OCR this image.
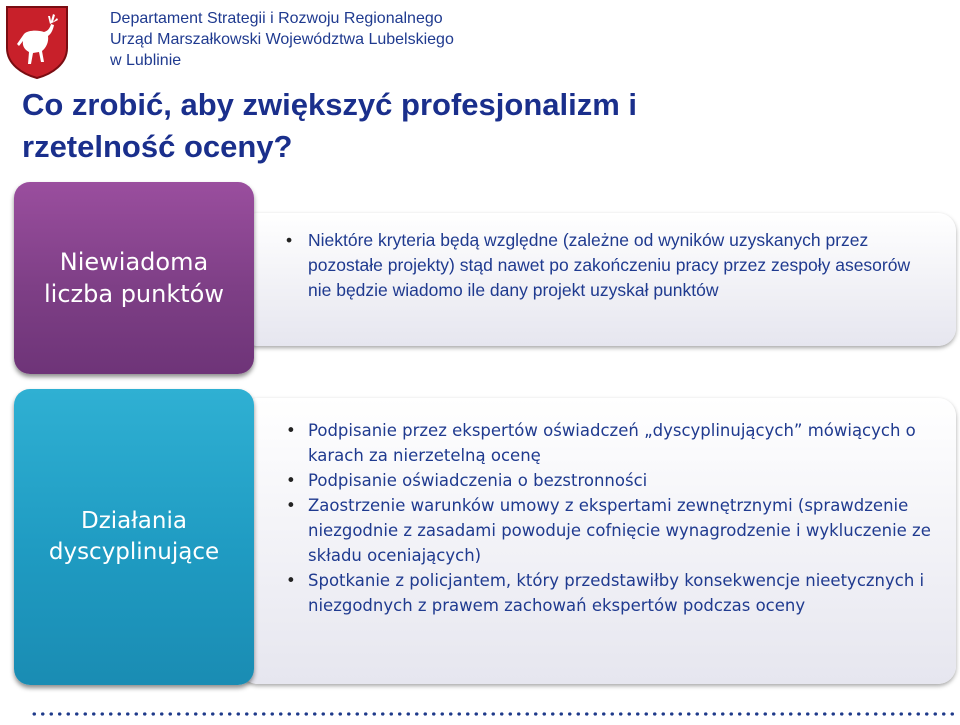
Departament Strategii i Rozwoju Regionalnego
Urząd Marszałkowski Województwa Lubelskiego
w Lublinie
Co zrobić, aby zwiększyć profesjonalizm i
rzetelność oceny?
Niewiadoma
liczba punktów
• Niektóre kryteria będą względne (zależne od wyników uzyskanych przez pozostałe projekty) stąd nawet po zakończeniu pracy przez zespoły asesorów nie będzie wiadomo ile dany projekt uzyskał punktów
Działania
dyscyplinujące
• Podpisanie przez ekspertów oświadczeń „dyscyplinujących” mówiących o karach za nierzetelną ocenę
• Podpisanie oświadczenia o bezstronności
• Zaostrzenie warunków umowy z ekspertami zewnętrznymi (sprawdzenie niezgodnie z zasadami powoduje cofnięcie wynagrodzenie i wykluczenie ze składu oceniających)
• Spotkanie z policjantem, który przedstawiłby konsekwencje nieetycznych i niezgodnych z prawem zachowań ekspertów podczas oceny
